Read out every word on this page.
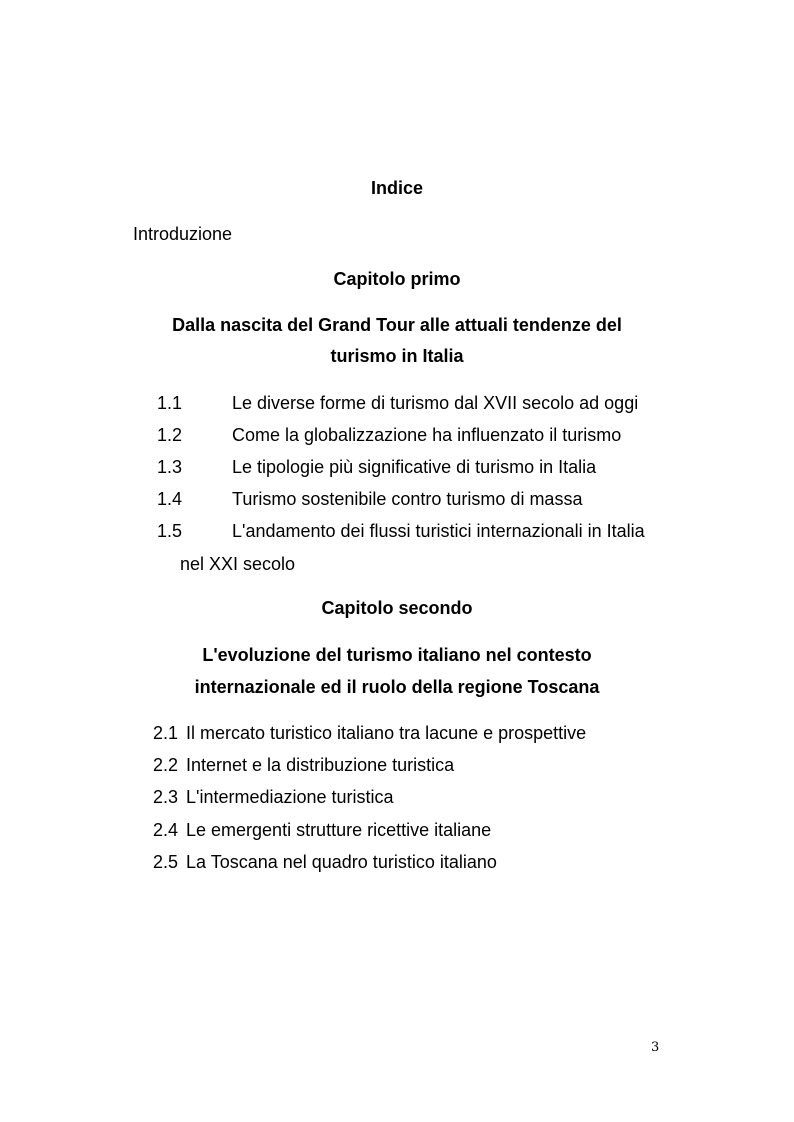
Indice
Introduzione
Capitolo primo
Dalla nascita del Grand Tour alle attuali tendenze del
turismo in Italia
1.1	Le diverse forme di turismo dal XVII secolo ad oggi
1.2	Come la globalizzazione ha influenzato il turismo
1.3	Le tipologie più significative di turismo in Italia
1.4	Turismo sostenibile contro turismo di massa
1.5	L'andamento dei flussi turistici internazionali in Italia
nel XXI secolo
Capitolo secondo
L'evoluzione del turismo italiano nel contesto
internazionale ed il ruolo della regione Toscana
2.1 Il mercato turistico italiano tra lacune e prospettive
2.2 Internet e la distribuzione turistica
2.3 L'intermediazione turistica
2.4 Le emergenti strutture ricettive italiane
2.5 La Toscana nel quadro turistico italiano
3
